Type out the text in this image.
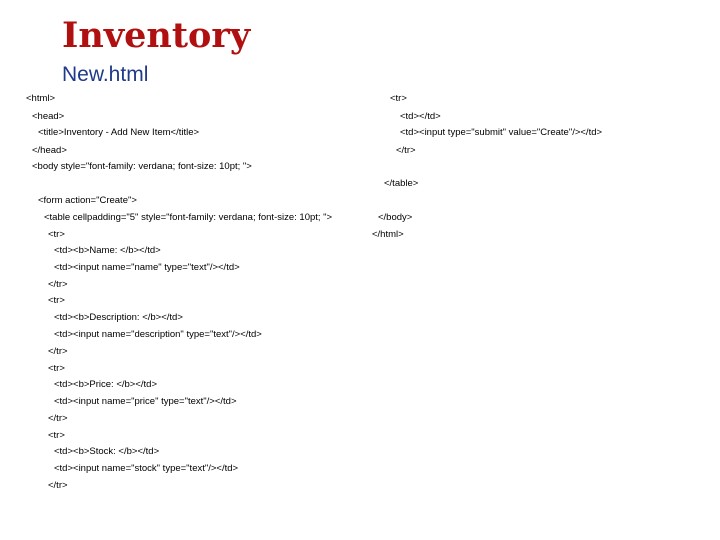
Inventory
New.html
<html>
<head>
<title>Inventory - Add New Item</title>
</head>
<body style="font-family: verdana; font-size: 10pt; ">
<form action="Create">
<table cellpadding="5" style="font-family: verdana; font-size: 10pt; ">
<tr>
<td><b>Name: </b></td>
<td><input name="name" type="text"/></td>
</tr>
<tr>
<td><b>Description: </b></td>
<td><input name="description" type="text"/></td>
</tr>
<tr>
<td><b>Price: </b></td>
<td><input name="price" type="text"/></td>
</tr>
<tr>
<td><b>Stock: </b></td>
<td><input name="stock" type="text"/></td>
</tr>
<tr>
<td></td>
<td><input type="submit" value="Create"/></td>
</tr>
</table>
</body>
</html>
